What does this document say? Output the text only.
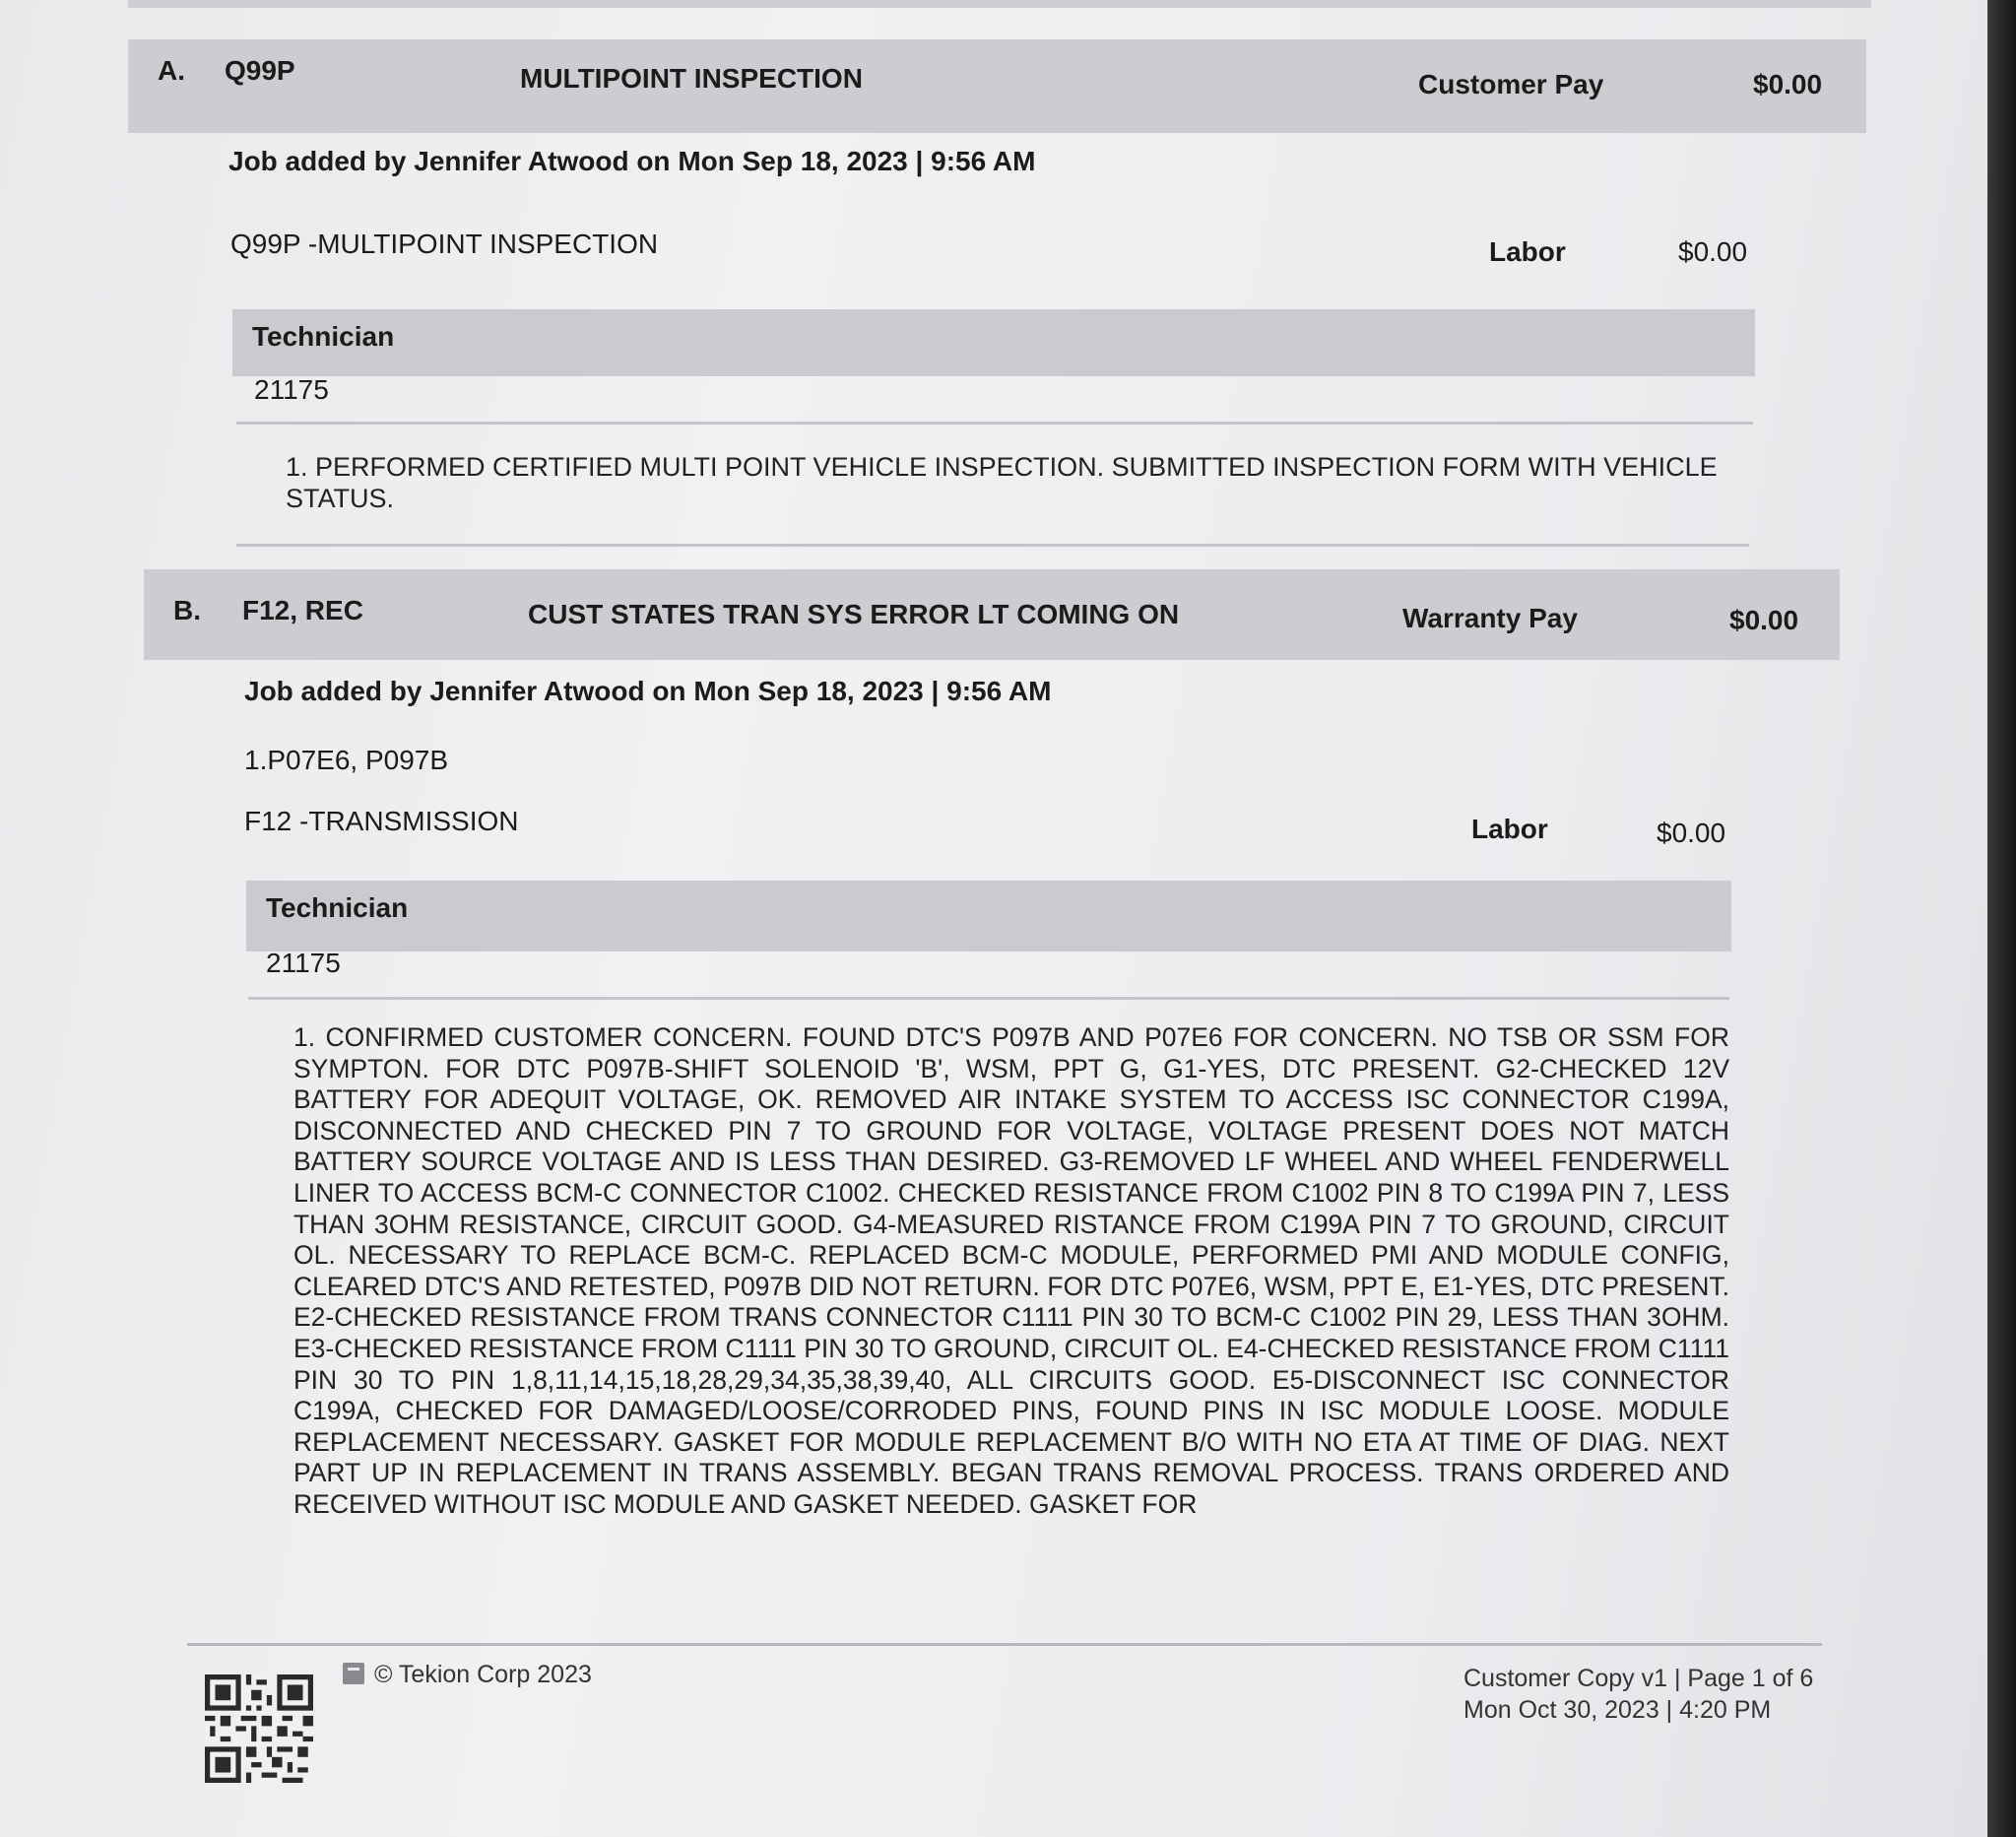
A. Q99P	MULTIPOINT INSPECTION	Customer Pay	$0.00
Job added by Jennifer Atwood on Mon Sep 18, 2023 | 9:56 AM
Q99P -MULTIPOINT INSPECTION	Labor	$0.00
Technician
21175
1. PERFORMED CERTIFIED MULTI POINT VEHICLE INSPECTION. SUBMITTED INSPECTION FORM WITH VEHICLE STATUS.
B. F12, REC	CUST STATES TRAN SYS ERROR LT COMING ON	Warranty Pay	$0.00
Job added by Jennifer Atwood on Mon Sep 18, 2023 | 9:56 AM
1.P07E6, P097B
F12 -TRANSMISSION	Labor	$0.00
Technician
21175
1. CONFIRMED CUSTOMER CONCERN. FOUND DTC'S P097B AND P07E6 FOR CONCERN. NO TSB OR SSM FOR SYMPTON. FOR DTC P097B-SHIFT SOLENOID 'B', WSM, PPT G, G1-YES, DTC PRESENT. G2-CHECKED 12V BATTERY FOR ADEQUIT VOLTAGE, OK. REMOVED AIR INTAKE SYSTEM TO ACCESS ISC CONNECTOR C199A, DISCONNECTED AND CHECKED PIN 7 TO GROUND FOR VOLTAGE, VOLTAGE PRESENT DOES NOT MATCH BATTERY SOURCE VOLTAGE AND IS LESS THAN DESIRED. G3-REMOVED LF WHEEL AND WHEEL FENDERWELL LINER TO ACCESS BCM-C CONNECTOR C1002. CHECKED RESISTANCE FROM C1002 PIN 8 TO C199A PIN 7, LESS THAN 3OHM RESISTANCE, CIRCUIT GOOD. G4-MEASURED RISTANCE FROM C199A PIN 7 TO GROUND, CIRCUIT OL. NECESSARY TO REPLACE BCM-C. REPLACED BCM-C MODULE, PERFORMED PMI AND MODULE CONFIG, CLEARED DTC'S AND RETESTED, P097B DID NOT RETURN. FOR DTC P07E6, WSM, PPT E, E1-YES, DTC PRESENT. E2-CHECKED RESISTANCE FROM TRANS CONNECTOR C1111 PIN 30 TO BCM-C C1002 PIN 29, LESS THAN 3OHM. E3-CHECKED RESISTANCE FROM C1111 PIN 30 TO GROUND, CIRCUIT OL. E4-CHECKED RESISTANCE FROM C1111 PIN 30 TO PIN 1,8,11,14,15,18,28,29,34,35,38,39,40, ALL CIRCUITS GOOD. E5-DISCONNECT ISC CONNECTOR C199A, CHECKED FOR DAMAGED/LOOSE/CORRODED PINS, FOUND PINS IN ISC MODULE LOOSE. MODULE REPLACEMENT NECESSARY. GASKET FOR MODULE REPLACEMENT B/O WITH NO ETA AT TIME OF DIAG. NEXT PART UP IN REPLACEMENT IN TRANS ASSEMBLY. BEGAN TRANS REMOVAL PROCESS. TRANS ORDERED AND RECEIVED WITHOUT ISC MODULE AND GASKET NEEDED. GASKET FOR
© Tekion Corp 2023	Customer Copy v1 | Page 1 of 6
Mon Oct 30, 2023 | 4:20 PM
